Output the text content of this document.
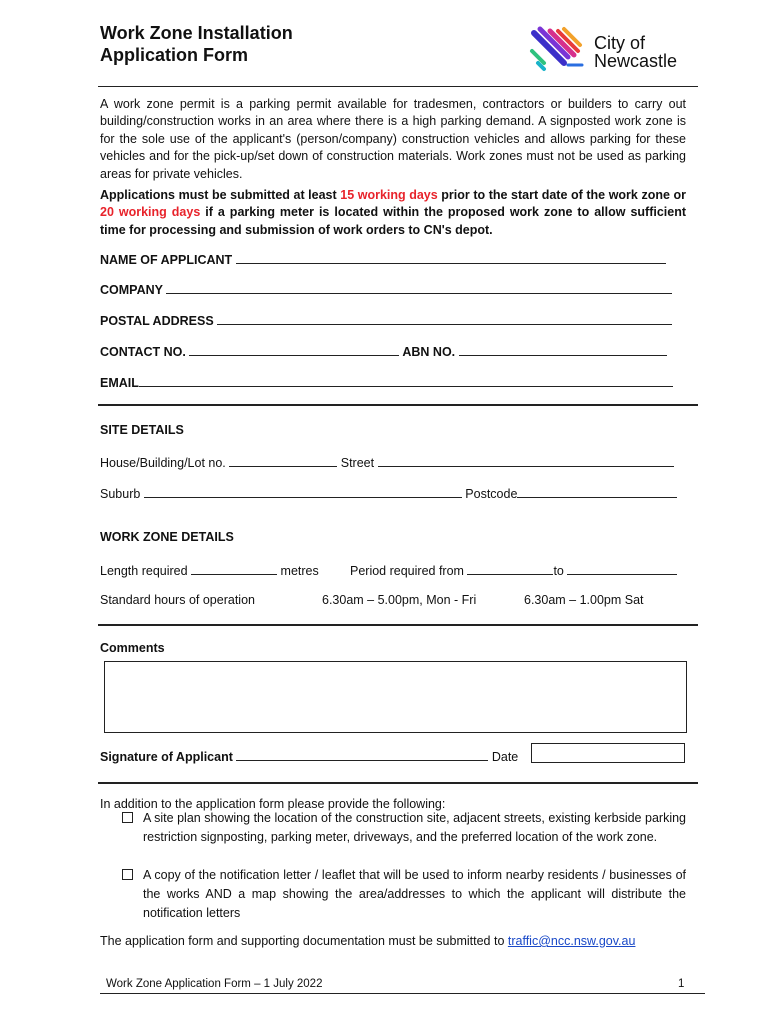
Work Zone Installation
Application Form
City of
Newcastle
A work zone permit is a parking permit available for tradesmen, contractors or builders to carry out building/construction works in an area where there is a high parking demand. A signposted work zone is for the sole use of the applicant's (person/company) construction vehicles and allows parking for these vehicles and for the pick-up/set down of construction materials. Work zones must not be used as parking areas for private vehicles.
Applications must be submitted at least 15 working days prior to the start date of the work zone or 20 working days if a parking meter is located within the proposed work zone to allow sufficient time for processing and submission of work orders to CN's depot.
NAME OF APPLICANT
COMPANY
POSTAL ADDRESS
CONTACT NO.	ABN NO.
EMAIL
SITE DETAILS
House/Building/Lot no.	Street
Suburb	Postcode
WORK ZONE DETAILS
Length required	metres	Period required from	to
Standard hours of operation	6.30am – 5.00pm, Mon - Fri	6.30am – 1.00pm Sat
Comments
Signature of Applicant	Date
In addition to the application form please provide the following:
A site plan showing the location of the construction site, adjacent streets, existing kerbside parking restriction signposting, parking meter, driveways, and the preferred location of the work zone.
A copy of the notification letter / leaflet that will be used to inform nearby residents / businesses of the works AND a map showing the area/addresses to which the applicant will distribute the notification letters
The application form and supporting documentation must be submitted to traffic@ncc.nsw.gov.au
Work Zone Application Form – 1 July 2022	1
